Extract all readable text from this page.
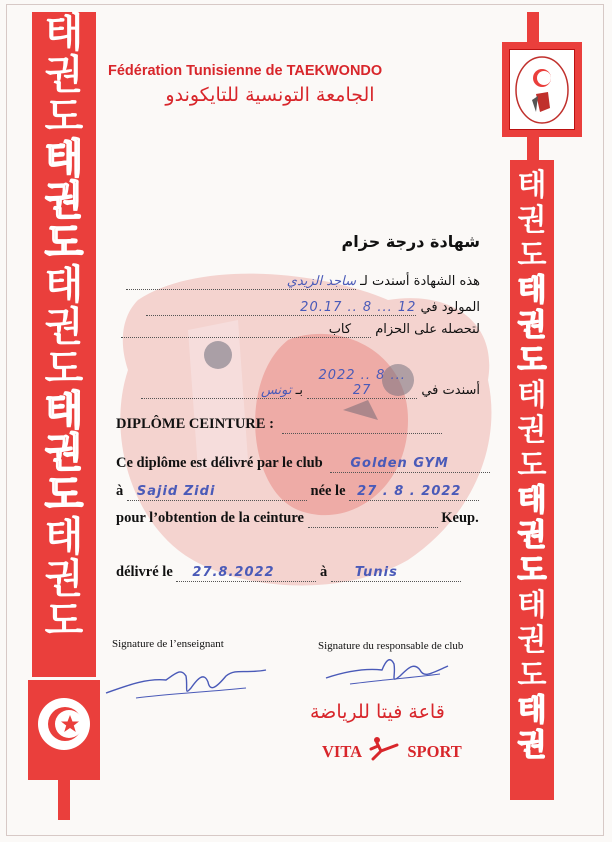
태
권
도
태
권
도
태
권
도
태
권
도
태
권
도
태
권
도
태
권
도
태
권
도
태
권
도
태
권
도
태
권
Fédération Tunisienne de TAEKWONDO
الجامعة التونسية للتايكوندو
شهادة درجة حزام
هذه الشهادة أسندت لـ ساجد الزيدي
المولود في 20.17 .. 8 ... 12
لتحصله على الحزام كاب
أسندت في 2022 .. 8 ... 27 بـ تونس
DIPLÔME CEINTURE :
Ce diplôme est délivré par le club Golden GYM
à Sajid Zidi	née le 27 . 8 . 2022
pour l’obtention de la ceinture	Keup.
délivré le 27.8.2022	à Tunis
Signature de l’enseignant	Signature du responsable de club
قاعة فيتا للرياضة
VITA	SPORT
